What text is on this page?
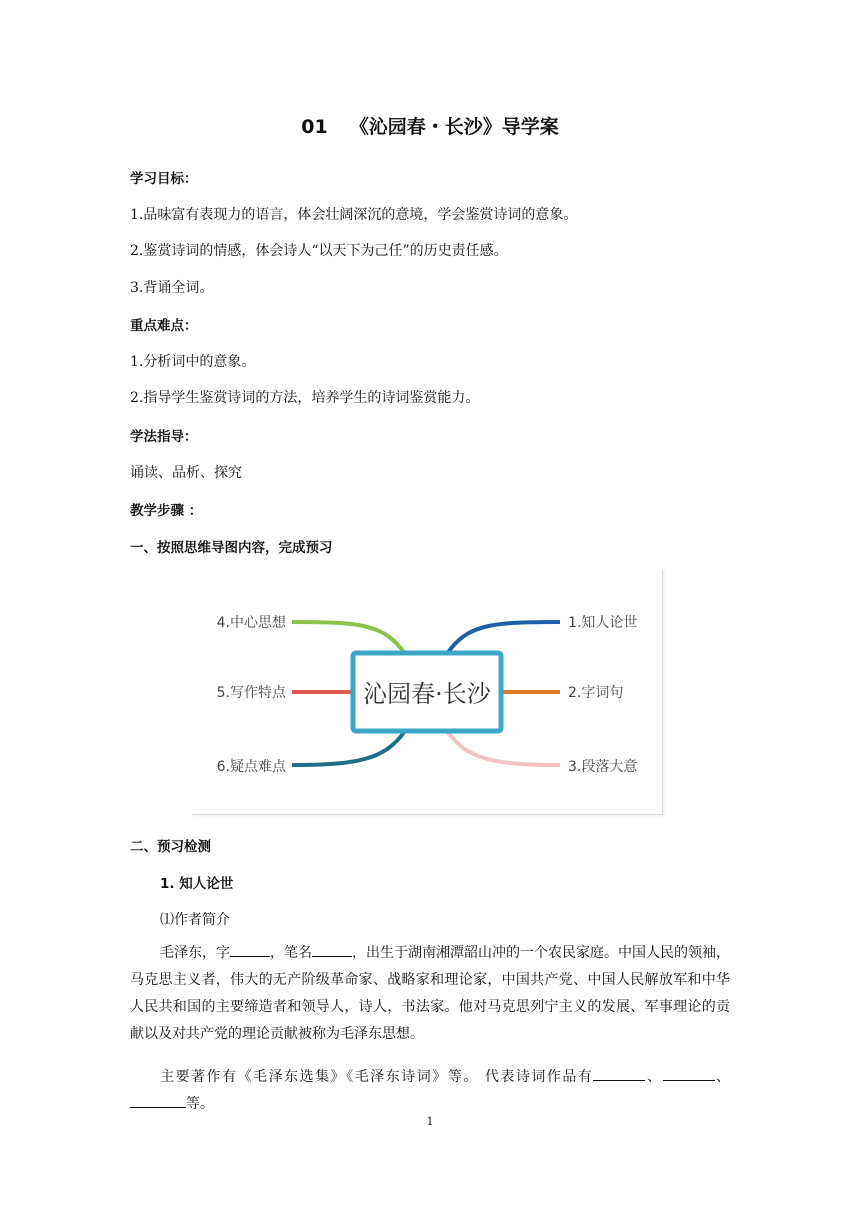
01 《沁园春・长沙》导学案
学习目标：
1.品味富有表现力的语言，体会壮阔深沉的意境，学会鉴赏诗词的意象。
2.鉴赏诗词的情感，体会诗人“以天下为己任”的历史责任感。
3.背诵全词。
重点难点：
1.分析词中的意象。
2.指导学生鉴赏诗词的方法，培养学生的诗词鉴赏能力。
学法指导：
诵读、品析、探究
教学步骤 ：
一、按照思维导图内容，完成预习
沁园春·长沙
1.知人论世
2.字词句
3.段落大意
4.中心思想
5.写作特点
6.疑点难点
二、预习检测
1. 知人论世
⑴作者简介
毛泽东，字	，笔名	，出生于湖南湘潭韶山冲的一个农民家庭。中国人民的领袖，马克思主义者，伟大的无产阶级革命家、战略家和理论家，中国共产党、中国人民解放军和中华人民共和国的主要缔造者和领导人，诗人，书法家。他对马克思列宁主义的发展、军事理论的贡献以及对共产党的理论贡献被称为毛泽东思想。
主要著作有《毛泽东选集》《毛泽东诗词》等。 代表诗词作品有	、	、等。
1
